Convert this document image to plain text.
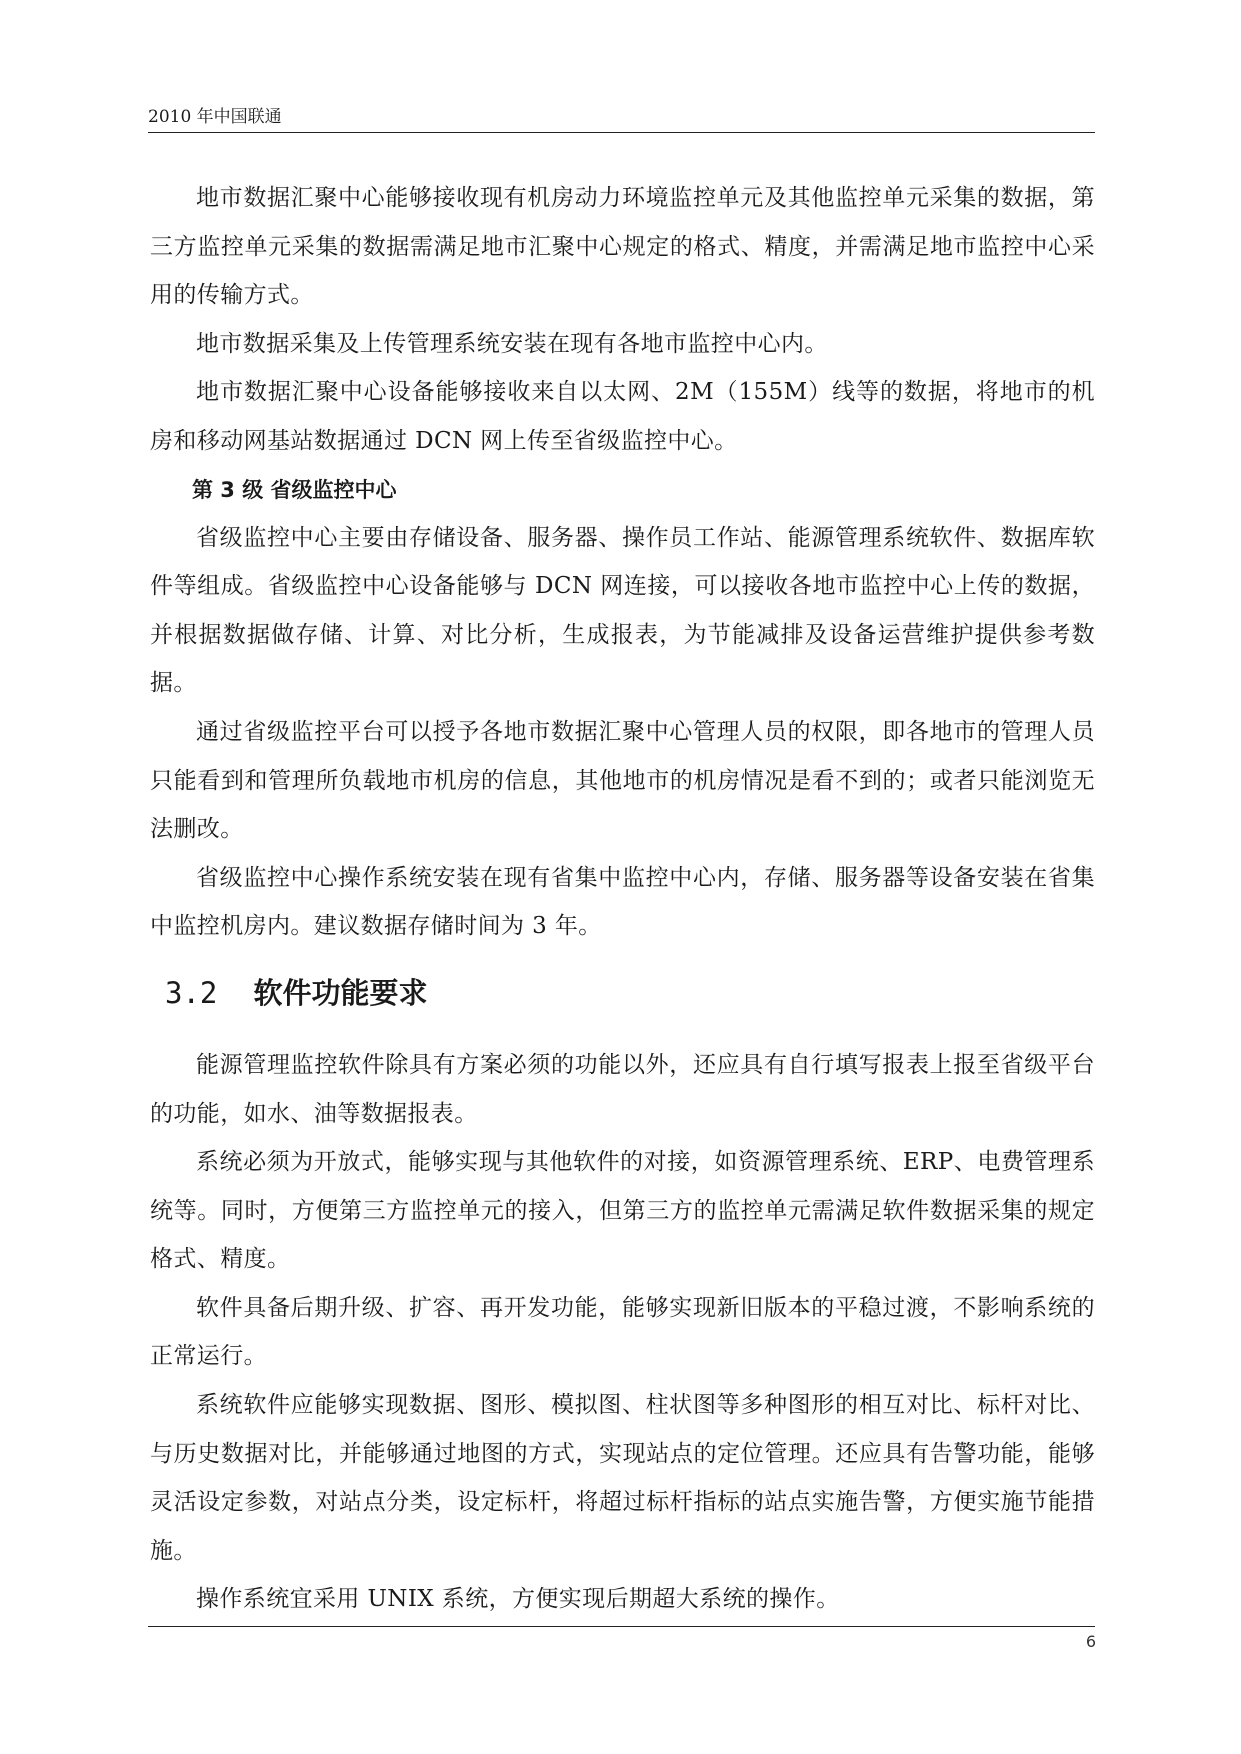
2010 年中国联通

地市数据汇聚中心能够接收现有机房动力环境监控单元及其他监控单元采集的数据，第三方监控单元采集的数据需满足地市汇聚中心规定的格式、精度，并需满足地市监控中心采用的传输方式。

地市数据采集及上传管理系统安装在现有各地市监控中心内。

地市数据汇聚中心设备能够接收来自以太网、2M（155M）线等的数据，将地市的机房和移动网基站数据通过 DCN 网上传至省级监控中心。

第 3 级 省级监控中心

省级监控中心主要由存储设备、服务器、操作员工作站、能源管理系统软件、数据库软件等组成。省级监控中心设备能够与 DCN 网连接，可以接收各地市监控中心上传的数据，并根据数据做存储、计算、对比分析，生成报表，为节能减排及设备运营维护提供参考数据。

通过省级监控平台可以授予各地市数据汇聚中心管理人员的权限，即各地市的管理人员只能看到和管理所负载地市机房的信息，其他地市的机房情况是看不到的；或者只能浏览无法删改。

省级监控中心操作系统安装在现有省集中监控中心内，存储、服务器等设备安装在省集中监控机房内。建议数据存储时间为 3 年。

3.2 软件功能要求

能源管理监控软件除具有方案必须的功能以外，还应具有自行填写报表上报至省级平台的功能，如水、油等数据报表。

系统必须为开放式，能够实现与其他软件的对接，如资源管理系统、ERP、电费管理系统等。同时，方便第三方监控单元的接入，但第三方的监控单元需满足软件数据采集的规定格式、精度。

软件具备后期升级、扩容、再开发功能，能够实现新旧版本的平稳过渡，不影响系统的正常运行。

系统软件应能够实现数据、图形、模拟图、柱状图等多种图形的相互对比、标杆对比、与历史数据对比，并能够通过地图的方式，实现站点的定位管理。还应具有告警功能，能够灵活设定参数，对站点分类，设定标杆，将超过标杆指标的站点实施告警，方便实施节能措施。

操作系统宜采用 UNIX 系统，方便实现后期超大系统的操作。

6
